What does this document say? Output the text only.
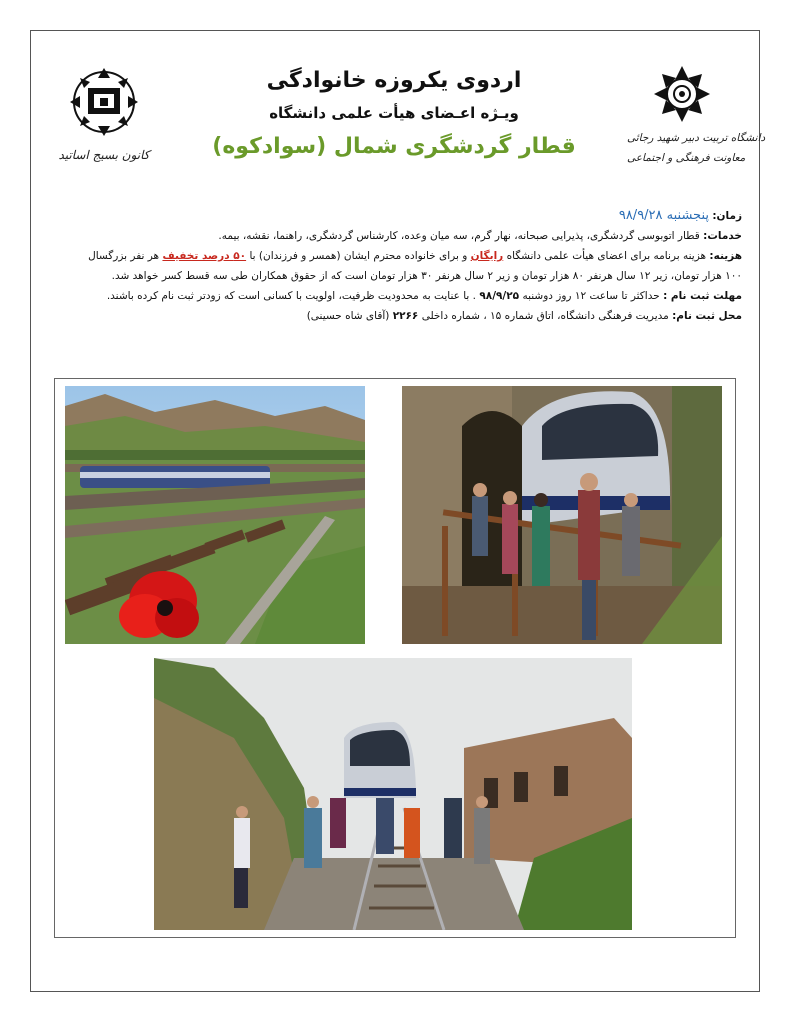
کانون بسیج اساتید

اردوی یکروزه خانوادگی

ویـژه اعـضای هیأت علمی دانشگاه

قطار گردشگری شمال (سوادکوه)	دانشگاه تربیت دبیر شهید رجائی
معاونت فرهنگی و اجتماعی

زمان: پنجشنبه ۹۸/۹/۲۸

خدمات: قطار اتوبوسی گردشگری، پذیرایی صبحانه، نهار گرم، سه میان وعده، کارشناس گردشگری، راهنما، نقشه، بیمه.

هزینه: هزینه برنامه برای اعضای هیأت علمی دانشگاه رایگان و برای خانواده محترم ایشان (همسر و فرزندان) با ۵۰ درصد تخفیف هر نفر بزرگسال

۱۰۰ هزار تومان، زیر ۱۲ سال هرنفر ۸۰ هزار تومان و زیر ۲ سال هرنفر ۳۰ هزار تومان است که از حقوق همکاران طی سه قسط کسر خواهد شد.

مهلت ثبت نام : حداکثر تا ساعت ۱۲ روز دوشنبه ۹۸/۹/۲۵ . با عنایت به محدودیت ظرفیت، اولویت با کسانی است که زودتر ثبت نام کرده باشند.

محل ثبت نام: مدیریت فرهنگی دانشگاه، اتاق شماره ۱۵ ، شماره داخلی ۲۲۶۶ (آقای شاه حسینی)
